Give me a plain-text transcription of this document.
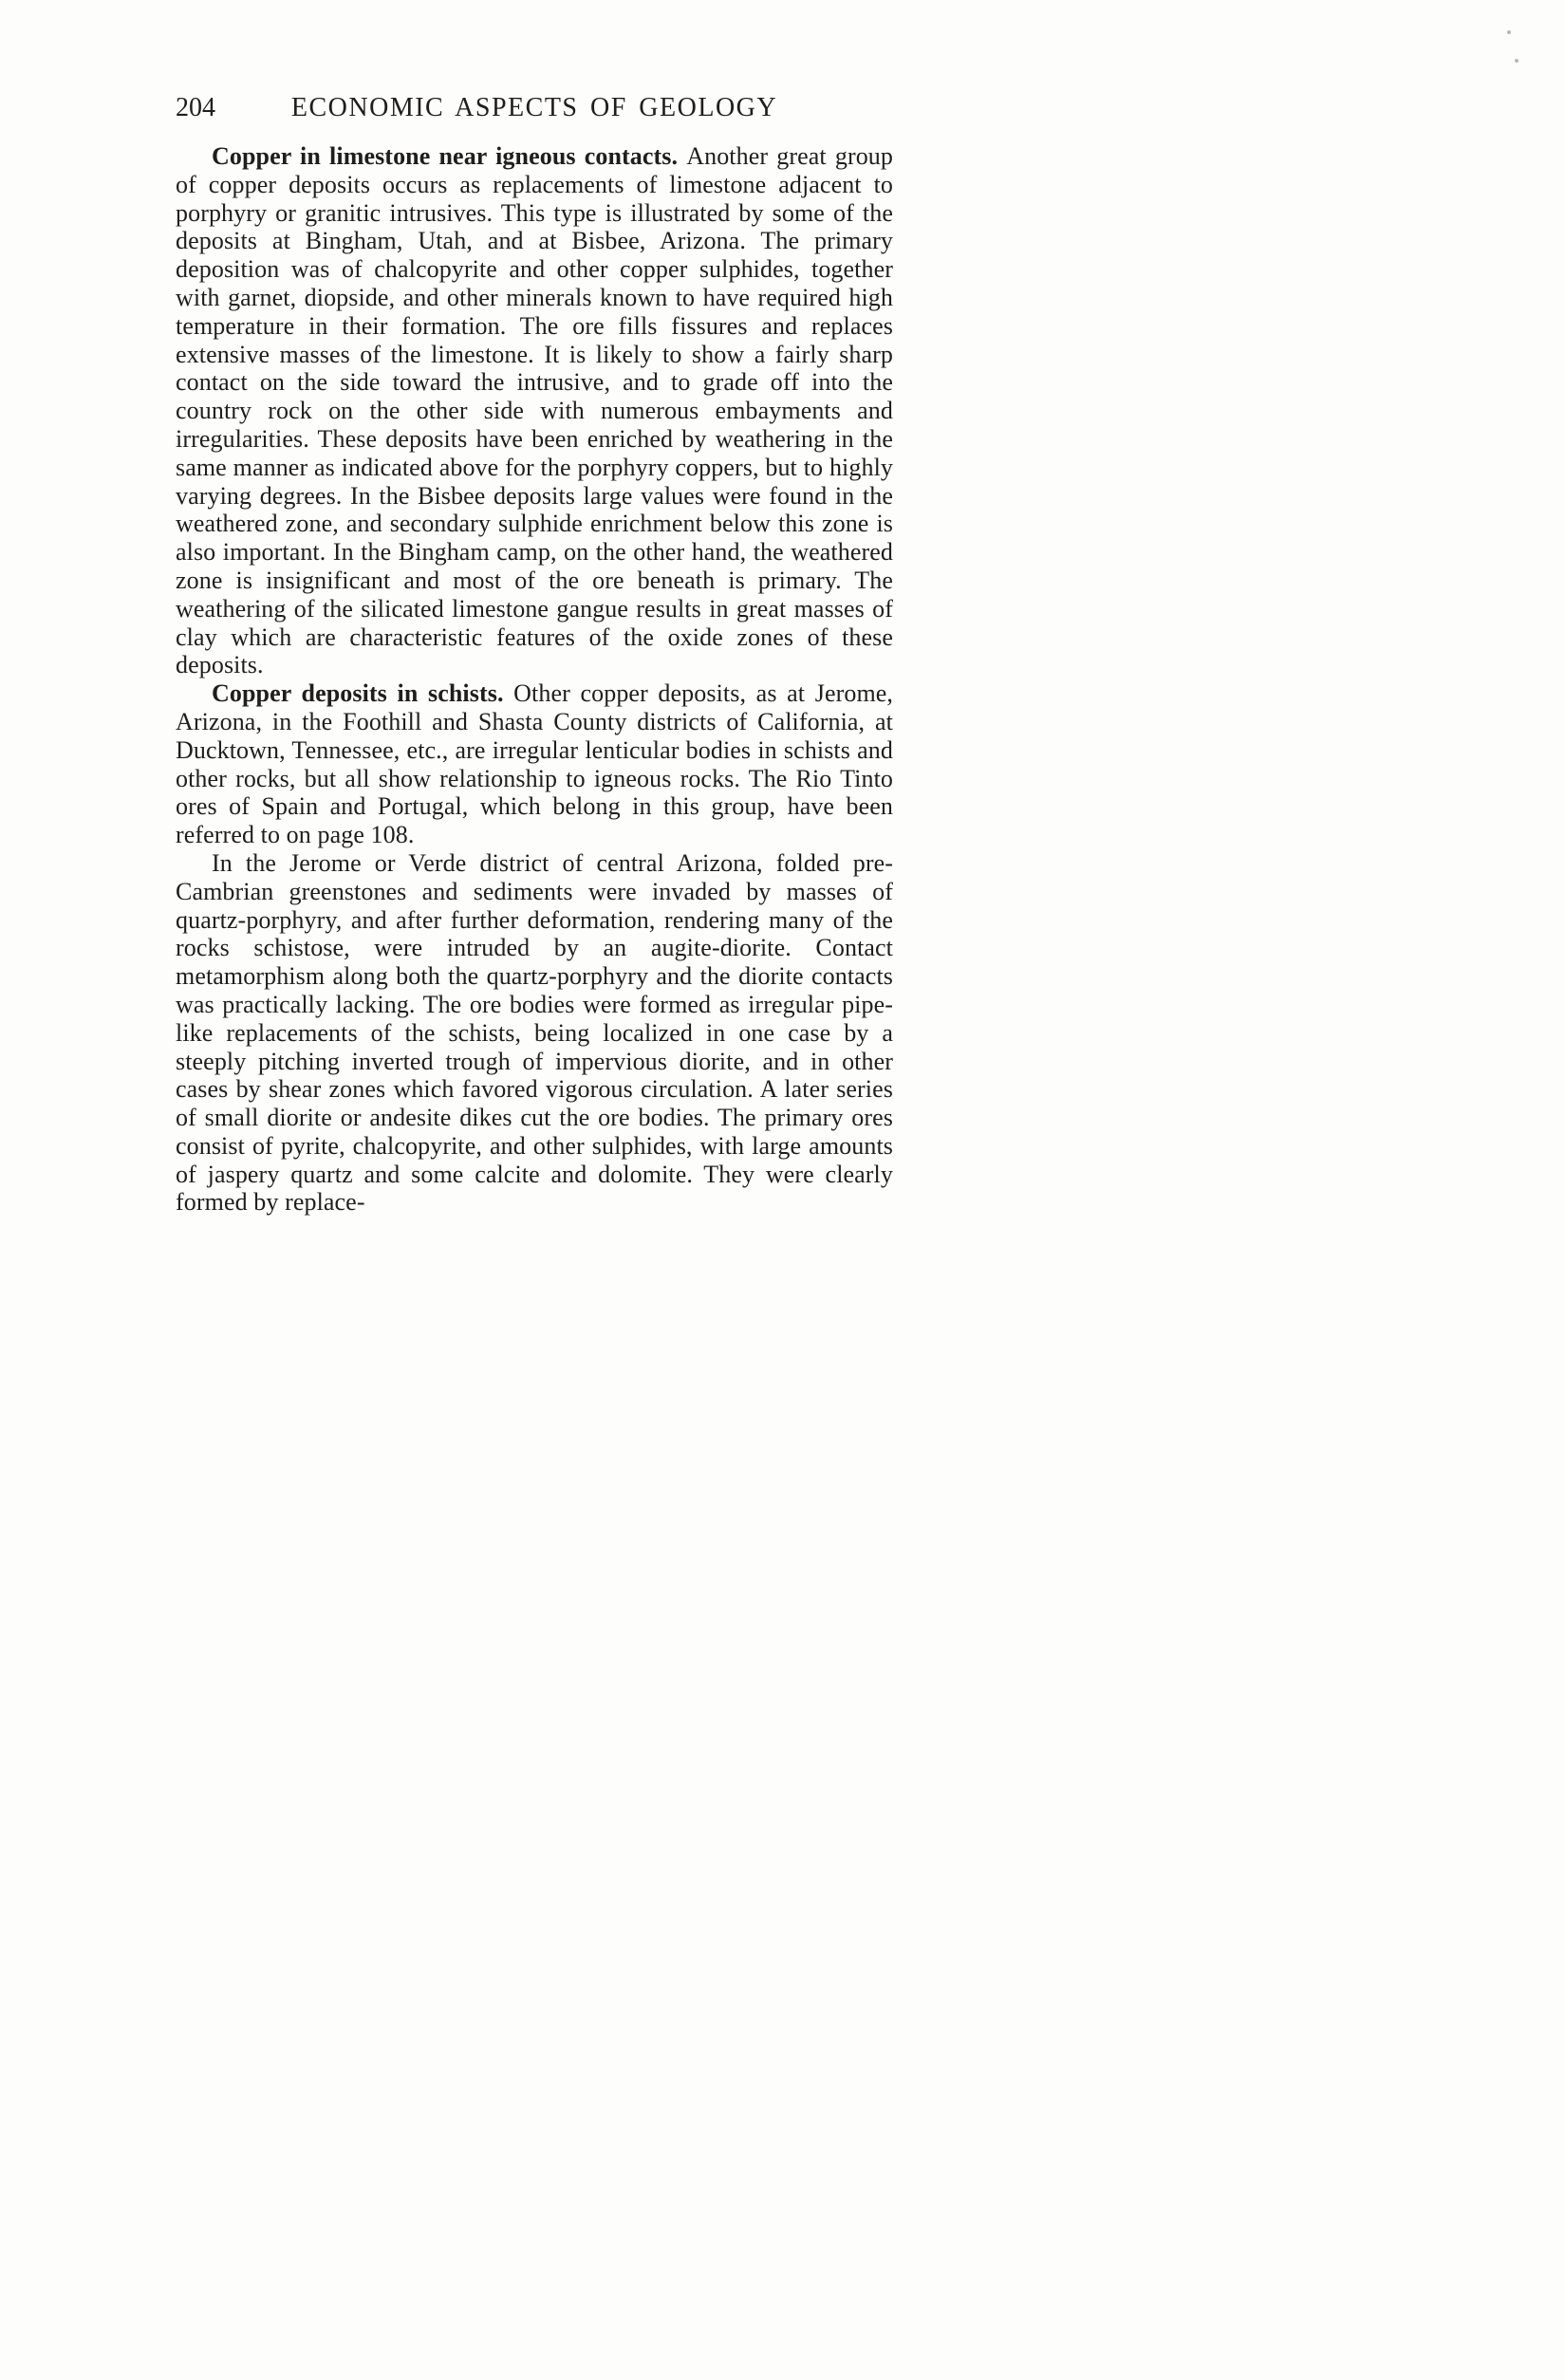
204	ECONOMIC ASPECTS OF GEOLOGY

Copper in limestone near igneous contacts. Another great group of copper deposits occurs as replacements of limestone adjacent to porphyry or granitic intrusives. This type is illustrated by some of the deposits at Bingham, Utah, and at Bisbee, Arizona. The primary deposition was of chalcopyrite and other copper sulphides, together with garnet, diopside, and other minerals known to have required high temperature in their formation. The ore fills fissures and replaces extensive masses of the limestone. It is likely to show a fairly sharp contact on the side toward the intrusive, and to grade off into the country rock on the other side with numerous embayments and irregularities. These deposits have been enriched by weathering in the same manner as indicated above for the porphyry coppers, but to highly varying degrees. In the Bisbee deposits large values were found in the weathered zone, and secondary sulphide enrichment below this zone is also important. In the Bingham camp, on the other hand, the weathered zone is insignificant and most of the ore beneath is primary. The weathering of the silicated limestone gangue results in great masses of clay which are characteristic features of the oxide zones of these deposits.

Copper deposits in schists. Other copper deposits, as at Jerome, Arizona, in the Foothill and Shasta County districts of California, at Ducktown, Tennessee, etc., are irregular lenticular bodies in schists and other rocks, but all show relationship to igneous rocks. The Rio Tinto ores of Spain and Portugal, which belong in this group, have been referred to on page 108.

In the Jerome or Verde district of central Arizona, folded pre-Cambrian greenstones and sediments were invaded by masses of quartz-porphyry, and after further deformation, rendering many of the rocks schistose, were intruded by an augite-diorite. Contact metamorphism along both the quartz-porphyry and the diorite contacts was practically lacking. The ore bodies were formed as irregular pipe-like replacements of the schists, being localized in one case by a steeply pitching inverted trough of impervious diorite, and in other cases by shear zones which favored vigorous circulation. A later series of small diorite or andesite dikes cut the ore bodies. The primary ores consist of pyrite, chalcopyrite, and other sulphides, with large amounts of jaspery quartz and some calcite and dolomite. They were clearly formed by replace-
